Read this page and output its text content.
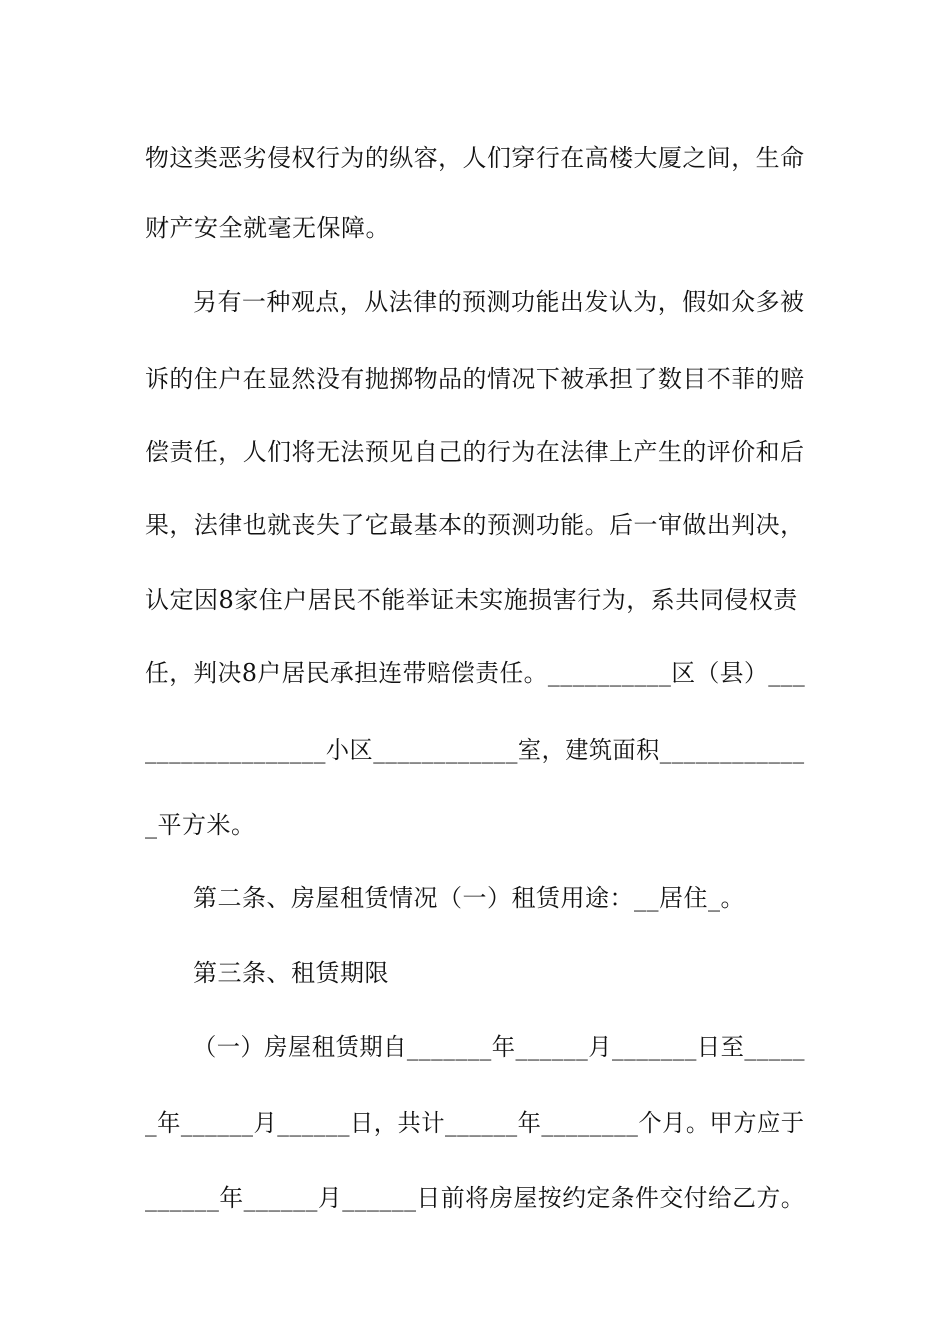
物这类恶劣侵权行为的纵容，人们穿行在高楼大厦之间，生命
财产安全就毫无保障。
另有一种观点，从法律的预测功能出发认为，假如众多被
诉的住户在显然没有抛掷物品的情况下被承担了数目不菲的赔
偿责任，人们将无法预见自己的行为在法律上产生的评价和后
果，法律也就丧失了它最基本的预测功能。后一审做出判决，
认定因8家住户居民不能举证未实施损害行为，系共同侵权责
任，判决8户居民承担连带赔偿责任。__________区（县）___
_______________小区____________室，建筑面积____________
_平方米。
第二条、房屋租赁情况（一）租赁用途：__居住_。
第三条、租赁期限
（一）房屋租赁期自_______年______月_______日至_____
_年______月______日，共计______年________个月。甲方应于
______年______月______日前将房屋按约定条件交付给乙方。
